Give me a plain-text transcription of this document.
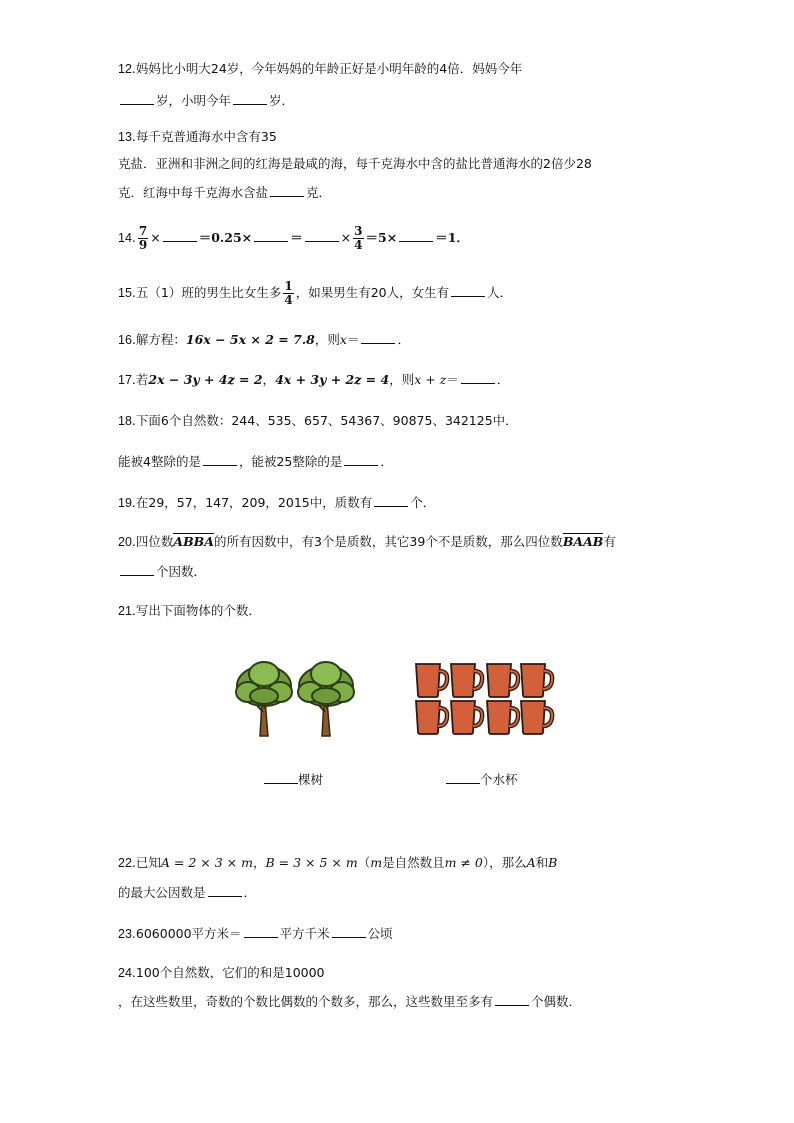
12.妈妈比小明大24岁，今年妈妈的年龄正好是小明年龄的4倍．妈妈今年
岁，小明今年	岁．
13.每千克普通海水中含有35
克盐．亚洲和非洲之间的红海是最咸的海，每千克海水中含的盐比普通海水的2倍少28
克．红海中每千克海水含盐	克．
14. $\frac{7}{9}$ ×	＝0.25×	＝	× $\frac{3}{4} =5\times$	＝1．
15.五（1）班的男生比女生多 $\frac{1}{4}$ ，如果男生有20人，女生有	人．
16.解方程：16x − 5x × 2 = 7.8，则x＝	．
17.若2x − 3y + 4z = 2，4x + 3y + 2z = 4，则x + z＝	．
18.下面6个自然数：244、535、657、54367、90875、342125中．
能被4整除的是	，能被25整除的是	．
19.在29，57，147，209，2015中，质数有	个．
20.四位数ABBA的所有因数中，有3个是质数，其它39个不是质数，那么四位数BAAB有
个因数．
21.写出下面物体的个数．
棵树	个水杯
22.已知A = 2 × 3 × m，B = 3 × 5 × m（m是自然数且m ≠ 0），那么A和B
的最大公因数是	．
23.6060000平方米＝	平方千米	公顷
24.100个自然数，它们的和是10000
，在这些数里，奇数的个数比偶数的个数多，那么，这些数里至多有	个偶数．
